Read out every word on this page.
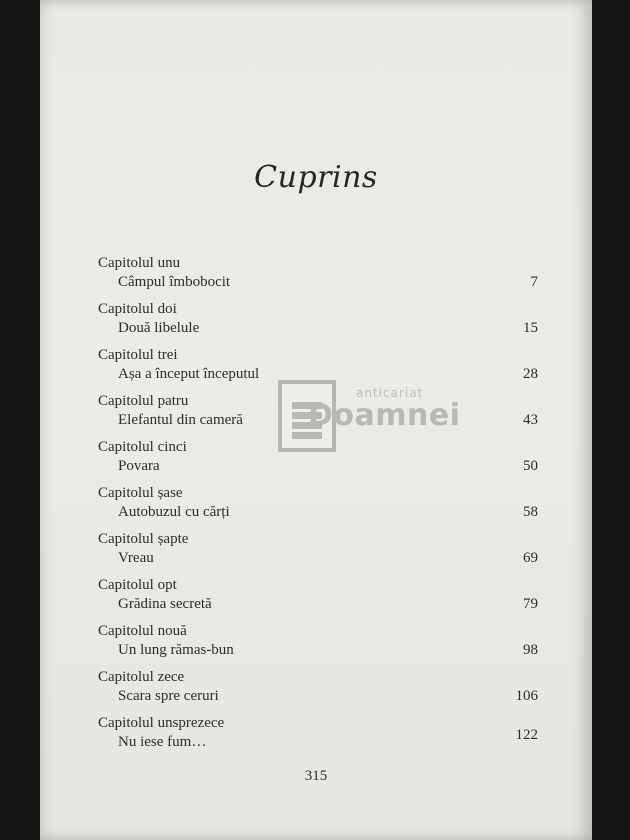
Cuprins
Capitolul unu
Câmpul îmbobocit	7
Capitolul doi
Două libelule	15
Capitolul trei
Așa a început începutul	28
Capitolul patru
Elefantul din cameră	43
Capitolul cinci
Povara	50
Capitolul șase
Autobuzul cu cărți	58
Capitolul șapte
Vreau	69
Capitolul opt
Grădina secretă	79
Capitolul nouă
Un lung rămas-bun	98
Capitolul zece
Scara spre ceruri	106
Capitolul unsprezece
Nu iese fum…	122
anticariat
Doamnei
315
